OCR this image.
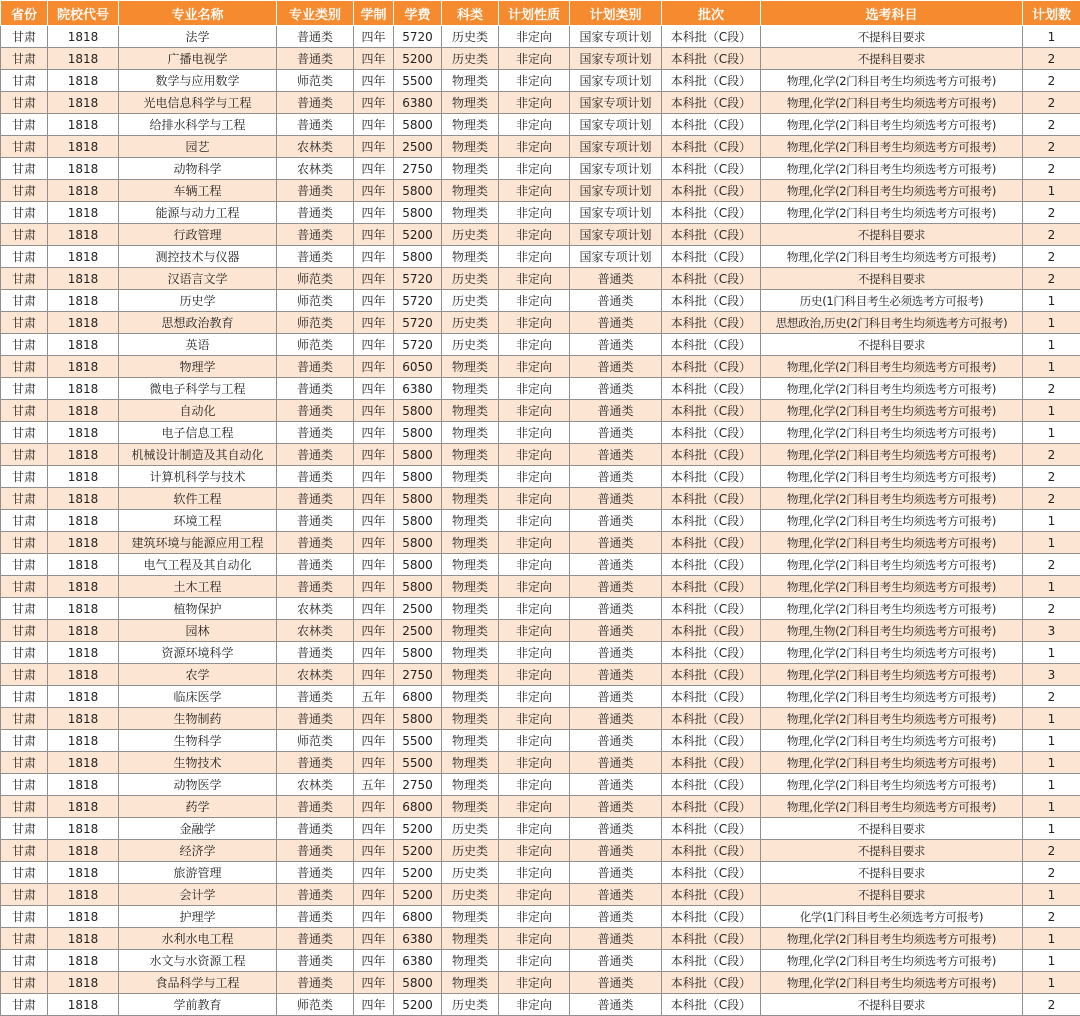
省份	院校代号	专业名称	专业类别	学制	学费	科类	计划性质	计划类别	批次	选考科目	计划数
甘肃	1818	法学	普通类	四年	5720	历史类	非定向	国家专项计划	本科批（C段）	不提科目要求	1
甘肃	1818	广播电视学	普通类	四年	5200	历史类	非定向	国家专项计划	本科批（C段）	不提科目要求	2
甘肃	1818	数学与应用数学	师范类	四年	5500	物理类	非定向	国家专项计划	本科批（C段）	物理,化学(2门科目考生均须选考方可报考)	2
甘肃	1818	光电信息科学与工程	普通类	四年	6380	物理类	非定向	国家专项计划	本科批（C段）	物理,化学(2门科目考生均须选考方可报考)	2
甘肃	1818	给排水科学与工程	普通类	四年	5800	物理类	非定向	国家专项计划	本科批（C段）	物理,化学(2门科目考生均须选考方可报考)	2
甘肃	1818	园艺	农林类	四年	2500	物理类	非定向	国家专项计划	本科批（C段）	物理,化学(2门科目考生均须选考方可报考)	2
甘肃	1818	动物科学	农林类	四年	2750	物理类	非定向	国家专项计划	本科批（C段）	物理,化学(2门科目考生均须选考方可报考)	2
甘肃	1818	车辆工程	普通类	四年	5800	物理类	非定向	国家专项计划	本科批（C段）	物理,化学(2门科目考生均须选考方可报考)	1
甘肃	1818	能源与动力工程	普通类	四年	5800	物理类	非定向	国家专项计划	本科批（C段）	物理,化学(2门科目考生均须选考方可报考)	2
甘肃	1818	行政管理	普通类	四年	5200	历史类	非定向	国家专项计划	本科批（C段）	不提科目要求	2
甘肃	1818	测控技术与仪器	普通类	四年	5800	物理类	非定向	国家专项计划	本科批（C段）	物理,化学(2门科目考生均须选考方可报考)	2
甘肃	1818	汉语言文学	师范类	四年	5720	历史类	非定向	普通类	本科批（C段）	不提科目要求	2
甘肃	1818	历史学	师范类	四年	5720	历史类	非定向	普通类	本科批（C段）	历史(1门科目考生必须选考方可报考)	1
甘肃	1818	思想政治教育	师范类	四年	5720	历史类	非定向	普通类	本科批（C段）	思想政治,历史(2门科目考生均须选考方可报考)	1
甘肃	1818	英语	师范类	四年	5720	历史类	非定向	普通类	本科批（C段）	不提科目要求	1
甘肃	1818	物理学	普通类	四年	6050	物理类	非定向	普通类	本科批（C段）	物理,化学(2门科目考生均须选考方可报考)	1
甘肃	1818	微电子科学与工程	普通类	四年	6380	物理类	非定向	普通类	本科批（C段）	物理,化学(2门科目考生均须选考方可报考)	2
甘肃	1818	自动化	普通类	四年	5800	物理类	非定向	普通类	本科批（C段）	物理,化学(2门科目考生均须选考方可报考)	1
甘肃	1818	电子信息工程	普通类	四年	5800	物理类	非定向	普通类	本科批（C段）	物理,化学(2门科目考生均须选考方可报考)	1
甘肃	1818	机械设计制造及其自动化	普通类	四年	5800	物理类	非定向	普通类	本科批（C段）	物理,化学(2门科目考生均须选考方可报考)	2
甘肃	1818	计算机科学与技术	普通类	四年	5800	物理类	非定向	普通类	本科批（C段）	物理,化学(2门科目考生均须选考方可报考)	2
甘肃	1818	软件工程	普通类	四年	5800	物理类	非定向	普通类	本科批（C段）	物理,化学(2门科目考生均须选考方可报考)	2
甘肃	1818	环境工程	普通类	四年	5800	物理类	非定向	普通类	本科批（C段）	物理,化学(2门科目考生均须选考方可报考)	1
甘肃	1818	建筑环境与能源应用工程	普通类	四年	5800	物理类	非定向	普通类	本科批（C段）	物理,化学(2门科目考生均须选考方可报考)	1
甘肃	1818	电气工程及其自动化	普通类	四年	5800	物理类	非定向	普通类	本科批（C段）	物理,化学(2门科目考生均须选考方可报考)	2
甘肃	1818	土木工程	普通类	四年	5800	物理类	非定向	普通类	本科批（C段）	物理,化学(2门科目考生均须选考方可报考)	1
甘肃	1818	植物保护	农林类	四年	2500	物理类	非定向	普通类	本科批（C段）	物理,化学(2门科目考生均须选考方可报考)	2
甘肃	1818	园林	农林类	四年	2500	物理类	非定向	普通类	本科批（C段）	物理,生物(2门科目考生均须选考方可报考)	3
甘肃	1818	资源环境科学	普通类	四年	5800	物理类	非定向	普通类	本科批（C段）	物理,化学(2门科目考生均须选考方可报考)	1
甘肃	1818	农学	农林类	四年	2750	物理类	非定向	普通类	本科批（C段）	物理,化学(2门科目考生均须选考方可报考)	3
甘肃	1818	临床医学	普通类	五年	6800	物理类	非定向	普通类	本科批（C段）	物理,化学(2门科目考生均须选考方可报考)	2
甘肃	1818	生物制药	普通类	四年	5800	物理类	非定向	普通类	本科批（C段）	物理,化学(2门科目考生均须选考方可报考)	1
甘肃	1818	生物科学	师范类	四年	5500	物理类	非定向	普通类	本科批（C段）	物理,化学(2门科目考生均须选考方可报考)	1
甘肃	1818	生物技术	普通类	四年	5500	物理类	非定向	普通类	本科批（C段）	物理,化学(2门科目考生均须选考方可报考)	1
甘肃	1818	动物医学	农林类	五年	2750	物理类	非定向	普通类	本科批（C段）	物理,化学(2门科目考生均须选考方可报考)	1
甘肃	1818	药学	普通类	四年	6800	物理类	非定向	普通类	本科批（C段）	物理,化学(2门科目考生均须选考方可报考)	1
甘肃	1818	金融学	普通类	四年	5200	历史类	非定向	普通类	本科批（C段）	不提科目要求	1
甘肃	1818	经济学	普通类	四年	5200	历史类	非定向	普通类	本科批（C段）	不提科目要求	2
甘肃	1818	旅游管理	普通类	四年	5200	历史类	非定向	普通类	本科批（C段）	不提科目要求	2
甘肃	1818	会计学	普通类	四年	5200	历史类	非定向	普通类	本科批（C段）	不提科目要求	1
甘肃	1818	护理学	普通类	四年	6800	物理类	非定向	普通类	本科批（C段）	化学(1门科目考生必须选考方可报考)	2
甘肃	1818	水利水电工程	普通类	四年	6380	物理类	非定向	普通类	本科批（C段）	物理,化学(2门科目考生均须选考方可报考)	1
甘肃	1818	水文与水资源工程	普通类	四年	6380	物理类	非定向	普通类	本科批（C段）	物理,化学(2门科目考生均须选考方可报考)	1
甘肃	1818	食品科学与工程	普通类	四年	5800	物理类	非定向	普通类	本科批（C段）	物理,化学(2门科目考生均须选考方可报考)	1
甘肃	1818	学前教育	师范类	四年	5200	历史类	非定向	普通类	本科批（C段）	不提科目要求	2
